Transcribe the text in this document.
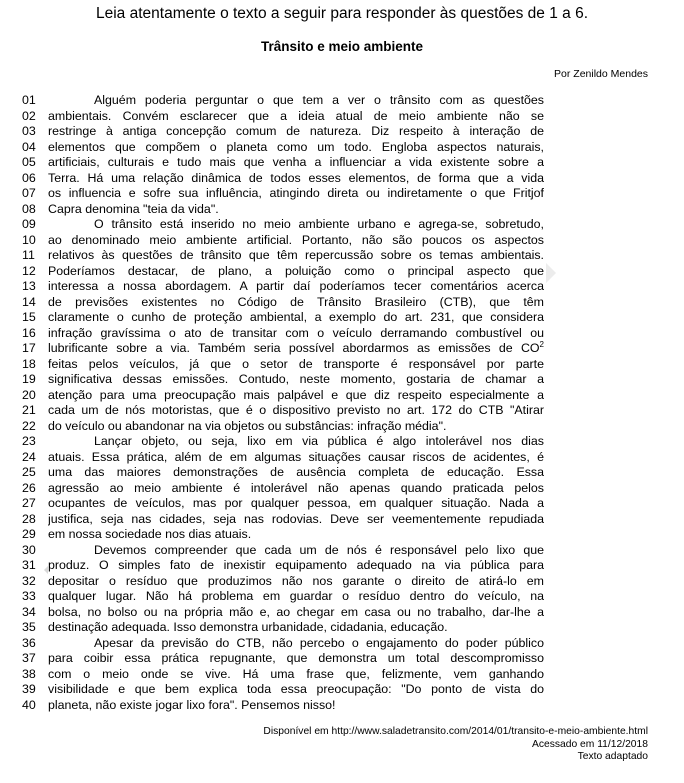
Leia atentamente o texto a seguir para responder às questões de 1 a 6.
Trânsito e meio ambiente
Por Zenildo Mendes
01	Alguém poderia perguntar o que tem a ver o trânsito com as questões
02 ambientais. Convém esclarecer que a ideia atual de meio ambiente não se
03 restringe à antiga concepção comum de natureza. Diz respeito à interação de
04 elementos que compõem o planeta como um todo. Engloba aspectos naturais,
05 artificiais, culturais e tudo mais que venha a influenciar a vida existente sobre a
06 Terra. Há uma relação dinâmica de todos esses elementos, de forma que a vida
07 os influencia e sofre sua influência, atingindo direta ou indiretamente o que Fritjof
08 Capra denomina "teia da vida".
09	O trânsito está inserido no meio ambiente urbano e agrega-se, sobretudo,
10 ao denominado meio ambiente artificial. Portanto, não são poucos os aspectos
11	relativos às questões de trânsito que têm repercussão sobre os temas ambientais.
12 Poderíamos destacar, de plano, a poluição como o principal aspecto que
13 interessa a nossa abordagem. A partir daí poderíamos tecer comentários acerca
14 de previsões existentes no Código de Trânsito Brasileiro (CTB), que têm
15 claramente o cunho de proteção ambiental, a exemplo do art. 231, que considera
16 infração gravíssima o ato de transitar com o veículo derramando combustível ou
17 lubrificante sobre a via. Também seria possível abordarmos as emissões de $CO^2$
18 feitas pelos veículos, já que o setor de transporte é responsável por parte
19 significativa dessas emissões. Contudo, neste momento, gostaria de chamar a
20 atenção para uma preocupação mais palpável e que diz respeito especialmente a
21 cada um de nós motoristas, que é o dispositivo previsto no art. 172 do CTB "Atirar
22 do veículo ou abandonar na via objetos ou substâncias: infração média".
23	Lançar objeto, ou seja, lixo em via pública é algo intolerável nos dias
24 atuais. Essa prática, além de em algumas situações causar riscos de acidentes, é
25 uma das maiores demonstrações de ausência completa de educação. Essa
26 agressão ao meio ambiente é intolerável não apenas quando praticada pelos
27 ocupantes de veículos, mas por qualquer pessoa, em qualquer situação. Nada a
28 justifica, seja nas cidades, seja nas rodovias. Deve ser veementemente repudiada
29 em nossa sociedade nos dias atuais.
30	Devemos compreender que cada um de nós é responsável pelo lixo que
31 produz. O simples fato de inexistir equipamento adequado na via pública para
32 depositar o resíduo que produzimos não nos garante o direito de atirá-lo em
33 qualquer lugar. Não há problema em guardar o resíduo dentro do veículo, na
34 bolsa, no bolso ou na própria mão e, ao chegar em casa ou no trabalho, dar-lhe a
35 destinação adequada. Isso demonstra urbanidade, cidadania, educação.
36	Apesar da previsão do CTB, não percebo o engajamento do poder público
37 para coibir essa prática repugnante, que demonstra um total descompromisso
38 com o meio onde se vive. Há uma frase que, felizmente, vem ganhando
39 visibilidade e que bem explica toda essa preocupação: "Do ponto de vista do
40 planeta, não existe jogar lixo fora". Pensemos nisso!
Disponível em http://www.saladetransito.com/2014/01/transito-e-meio-ambiente.html
Acessado em 11/12/2018
Texto adaptado
